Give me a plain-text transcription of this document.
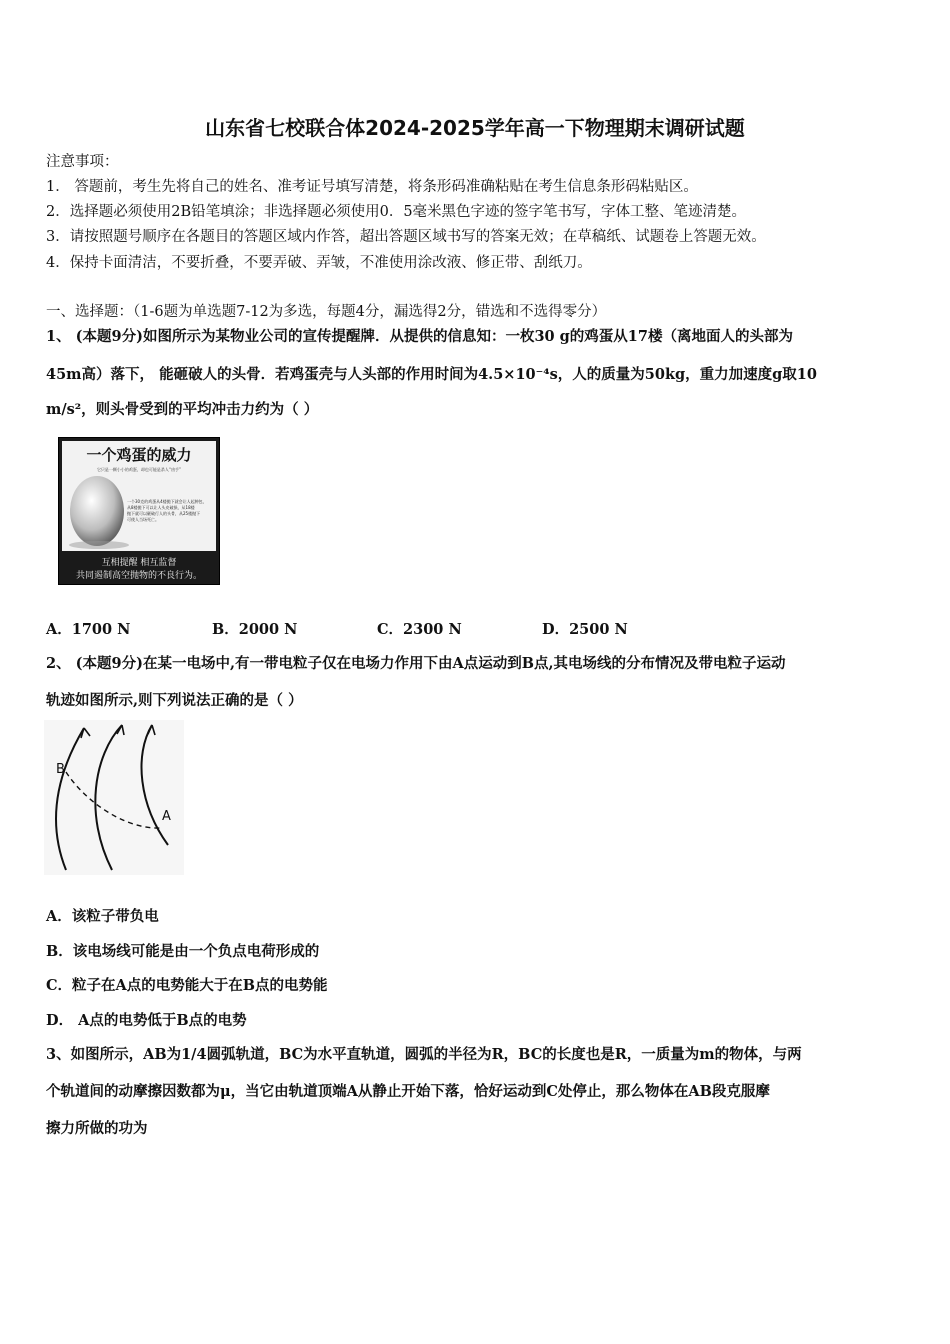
山东省七校联合体2024-2025学年高一下物理期末调研试题
注意事项：
1． 答题前，考生先将自己的姓名、准考证号填写清楚，将条形码准确粘贴在考生信息条形码粘贴区。
2．选择题必须使用2B铅笔填涂；非选择题必须使用0．5毫米黑色字迹的签字笔书写，字体工整、笔迹清楚。
3．请按照题号顺序在各题目的答题区域内作答，超出答题区域书写的答案无效；在草稿纸、试题卷上答题无效。
4．保持卡面清洁，不要折叠，不要弄破、弄皱，不准使用涂改液、修正带、刮纸刀。
一、选择题：（1-6题为单选题7-12为多选，每题4分，漏选得2分，错选和不选得零分）
1、 (本题9分)如图所示为某物业公司的宣传提醒牌．从提供的信息知：一枚30 g的鸡蛋从17楼（离地面人的头部为
45m高）落下， 能砸破人的头骨．若鸡蛋壳与人头部的作用时间为4.5×10⁻⁴s，人的质量为50kg，重力加速度g取10
m/s²，则头骨受到的平均冲击力约为（ ）
一个鸡蛋的威力
它只是一颗小小的鸡蛋，却也可能是杀人“凶手”
一个30克的鸡蛋从4楼抛下就会让人起肿包，
从8楼抛下可以让人头皮破损，从18楼
抛下就可以砸破行人的头骨，从25楼抛下
可使人当场死亡。
互相提醒 相互监督
共同遏制高空抛物的不良行为。
A．1700 N	B．2000 N	C．2300 N	D．2500 N
2、 (本题9分)在某一电场中,有一带电粒子仅在电场力作用下由A点运动到B点,其电场线的分布情况及带电粒子运动
轨迹如图所示,则下列说法正确的是（ ）
B
A
A．该粒子带负电
B．该电场线可能是由一个负点电荷形成的
C．粒子在A点的电势能大于在B点的电势能
D． A点的电势低于B点的电势
3、如图所示，AB为1/4圆弧轨道，BC为水平直轨道，圆弧的半径为R，BC的长度也是R，一质量为m的物体，与两
个轨道间的动摩擦因数都为μ，当它由轨道顶端A从静止开始下落，恰好运动到C处停止，那么物体在AB段克服摩
擦力所做的功为
